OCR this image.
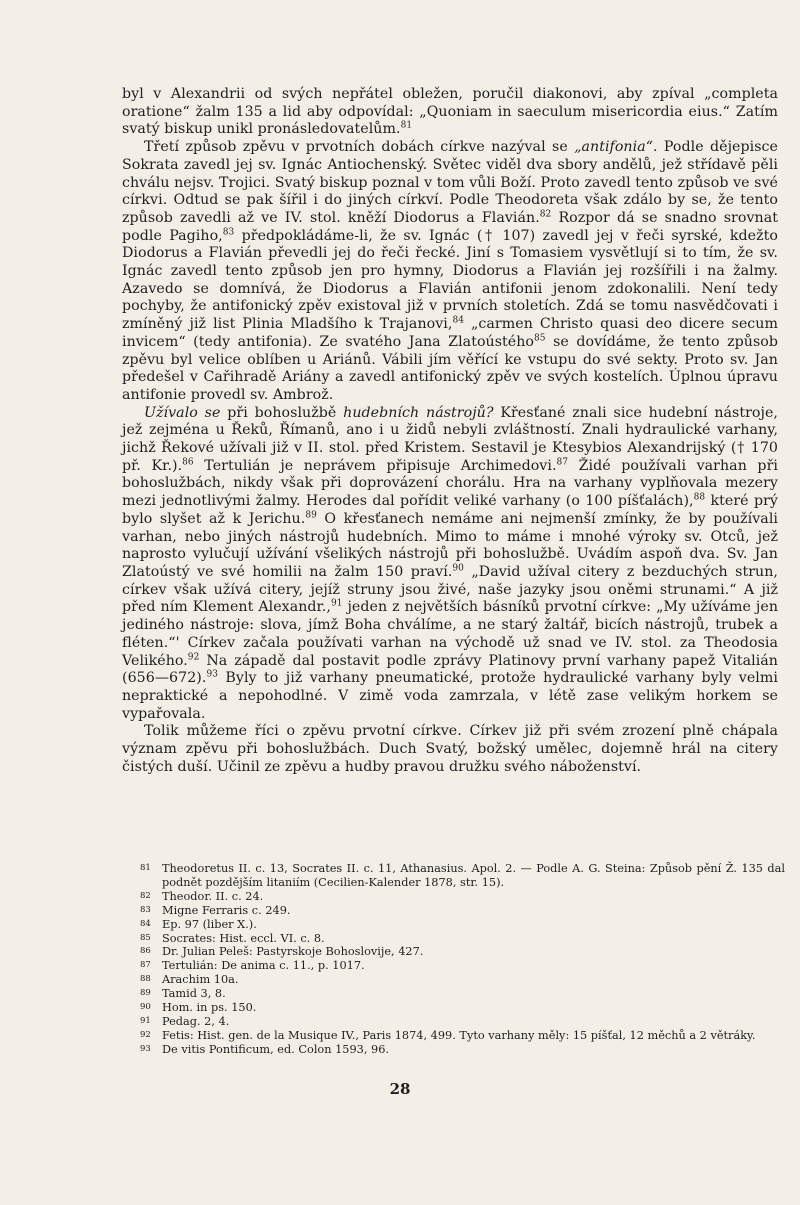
byl v Alexandrii od svých nepřátel obležen, poručil diakonovi, aby zpíval „completa oratione“ žalm 135 a lid aby odpovídal: „Quoniam in saeculum misericordia eius.“ Zatím svatý biskup unikl pronásledovatelům.$^{81}$

Třetí způsob zpěvu v prvotních dobách církve nazýval se „antifonia“. Podle dějepisce Sokrata zavedl jej sv. Ignác Antiochenský. Světec viděl dva sbory andělů, jež střídavě pěli chválu nejsv. Trojici. Svatý biskup poznal v tom vůli Boží. Proto zavedl tento způsob ve své církvi. Odtud se pak šířil i do jiných církví. Podle Theodoreta však zdálo by se, že tento způsob zavedli až ve IV. stol. kněží Diodorus a Flavián.$^{82}$ Rozpor dá se snadno srovnat podle Pagiho,$^{83}$ předpokládáme-li, že sv. Ignác († 107) zavedl jej v řeči syrské, kdežto Diodorus a Flavián převedli jej do řeči řecké. Jiní s Tomasiem vysvětlují si to tím, že sv. Ignác zavedl tento způsob jen pro hymny, Diodorus a Flavián jej rozšířili i na žalmy. Azavedo se domnívá, že Diodorus a Flavián antifonii jenom zdokonalili. Není tedy pochyby, že antifonický zpěv existoval již v prvních stoletích. Zdá se tomu nasvědčovati i zmíněný již list Plinia Mladšího k Trajanovi,$^{84}$ „carmen Christo quasi deo dicere secum invicem“ (tedy antifonia). Ze svatého Jana Zlatoústého$^{85}$ se dovídáme, že tento způsob zpěvu byl velice oblíben u Ariánů. Vábili jím věřící ke vstupu do své sekty. Proto sv. Jan předešel v Cařihradě Ariány a zavedl antifonický zpěv ve svých kostelích. Úplnou úpravu antifonie provedl sv. Ambrož.

Užívalo se při bohoslužbě hudebních nástrojů? Křesťané znali sice hudební nástroje, jež zejména u Řeků, Římanů, ano i u židů nebyli zvláštností. Znali hydraulické varhany, jichž Řekové užívali již v II. stol. před Kristem. Sestavil je Ktesybios Alexandrijský († 170 př. Kr.).$^{86}$ Tertulián je neprávem připisuje Archimedovi.$^{87}$ Židé používali varhan při bohoslužbách, nikdy však při doprovázení chorálu. Hra na varhany vyplňovala mezery mezi jednotlivými žalmy. Herodes dal pořídit veliké varhany (o 100 píšťalách),$^{88}$ které prý bylo slyšet až k Jerichu.$^{89}$ O křesťanech nemáme ani nejmenší zmínky, že by používali varhan, nebo jiných nástrojů hudebních. Mimo to máme i mnohé výroky sv. Otců, jež naprosto vylučují užívání všelikých nástrojů při bohoslužbě. Uvádím aspoň dva. Sv. Jan Zlatoústý ve své homilii na žalm 150 praví.$^{90}$ „David užíval citery z bezduchých strun, církev však užívá citery, jejíž struny jsou živé, naše jazyky jsou oněmi strunami.“ A již před ním Klement Alexandr.,$^{91}$ jeden z největších básníků prvotní církve: „My užíváme jen jediného nástroje: slova, jímž Boha chválíme, a ne starý žaltář, bicích nástrojů, trubek a fléten.“' Církev začala používati varhan na východě už snad ve IV. stol. za Theodosia Velikého.$^{92}$ Na západě dal postavit podle zprávy Platinovy první varhany papež Vitalián (656—672).$^{93}$ Byly to již varhany pneumatické, protože hydraulické varhany byly velmi nepraktické a nepohodlné. V zimě voda zamrzala, v létě zase velikým horkem se vypařovala.

Tolik můžeme říci o zpěvu prvotní církve. Církev již při svém zrození plně chápala význam zpěvu při bohoslužbách. Duch Svatý, božský umělec, dojemně hrál na citery čistých duší. Učinil ze zpěvu a hudby pravou družku svého náboženství.

81 Theodoretus II. c. 13, Socrates II. c. 11, Athanasius. Apol. 2. — Podle A. G. Steina: Způsob pění Ž. 135 dal podnět pozdějším litaniím (Cecilien-Kalender 1878, str. 15).
82 Theodor. II. c. 24.
83 Migne Ferraris c. 249.
84 Ep. 97 (liber X.).
85 Socrates: Hist. eccl. VI. c. 8.
86 Dr. Julian Peleš: Pastyrskoje Bohoslovije, 427.
87 Tertulián: De anima c. 11., p. 1017.
88 Arachim 10a.
89 Tamid 3, 8.
90 Hom. in ps. 150.
91 Pedag. 2, 4.
92 Fetis: Hist. gen. de la Musique IV., Paris 1874, 499. Tyto varhany měly: 15 píšťal, 12 měchů a 2 větráky.
93 De vitis Pontificum, ed. Colon 1593, 96.
28
